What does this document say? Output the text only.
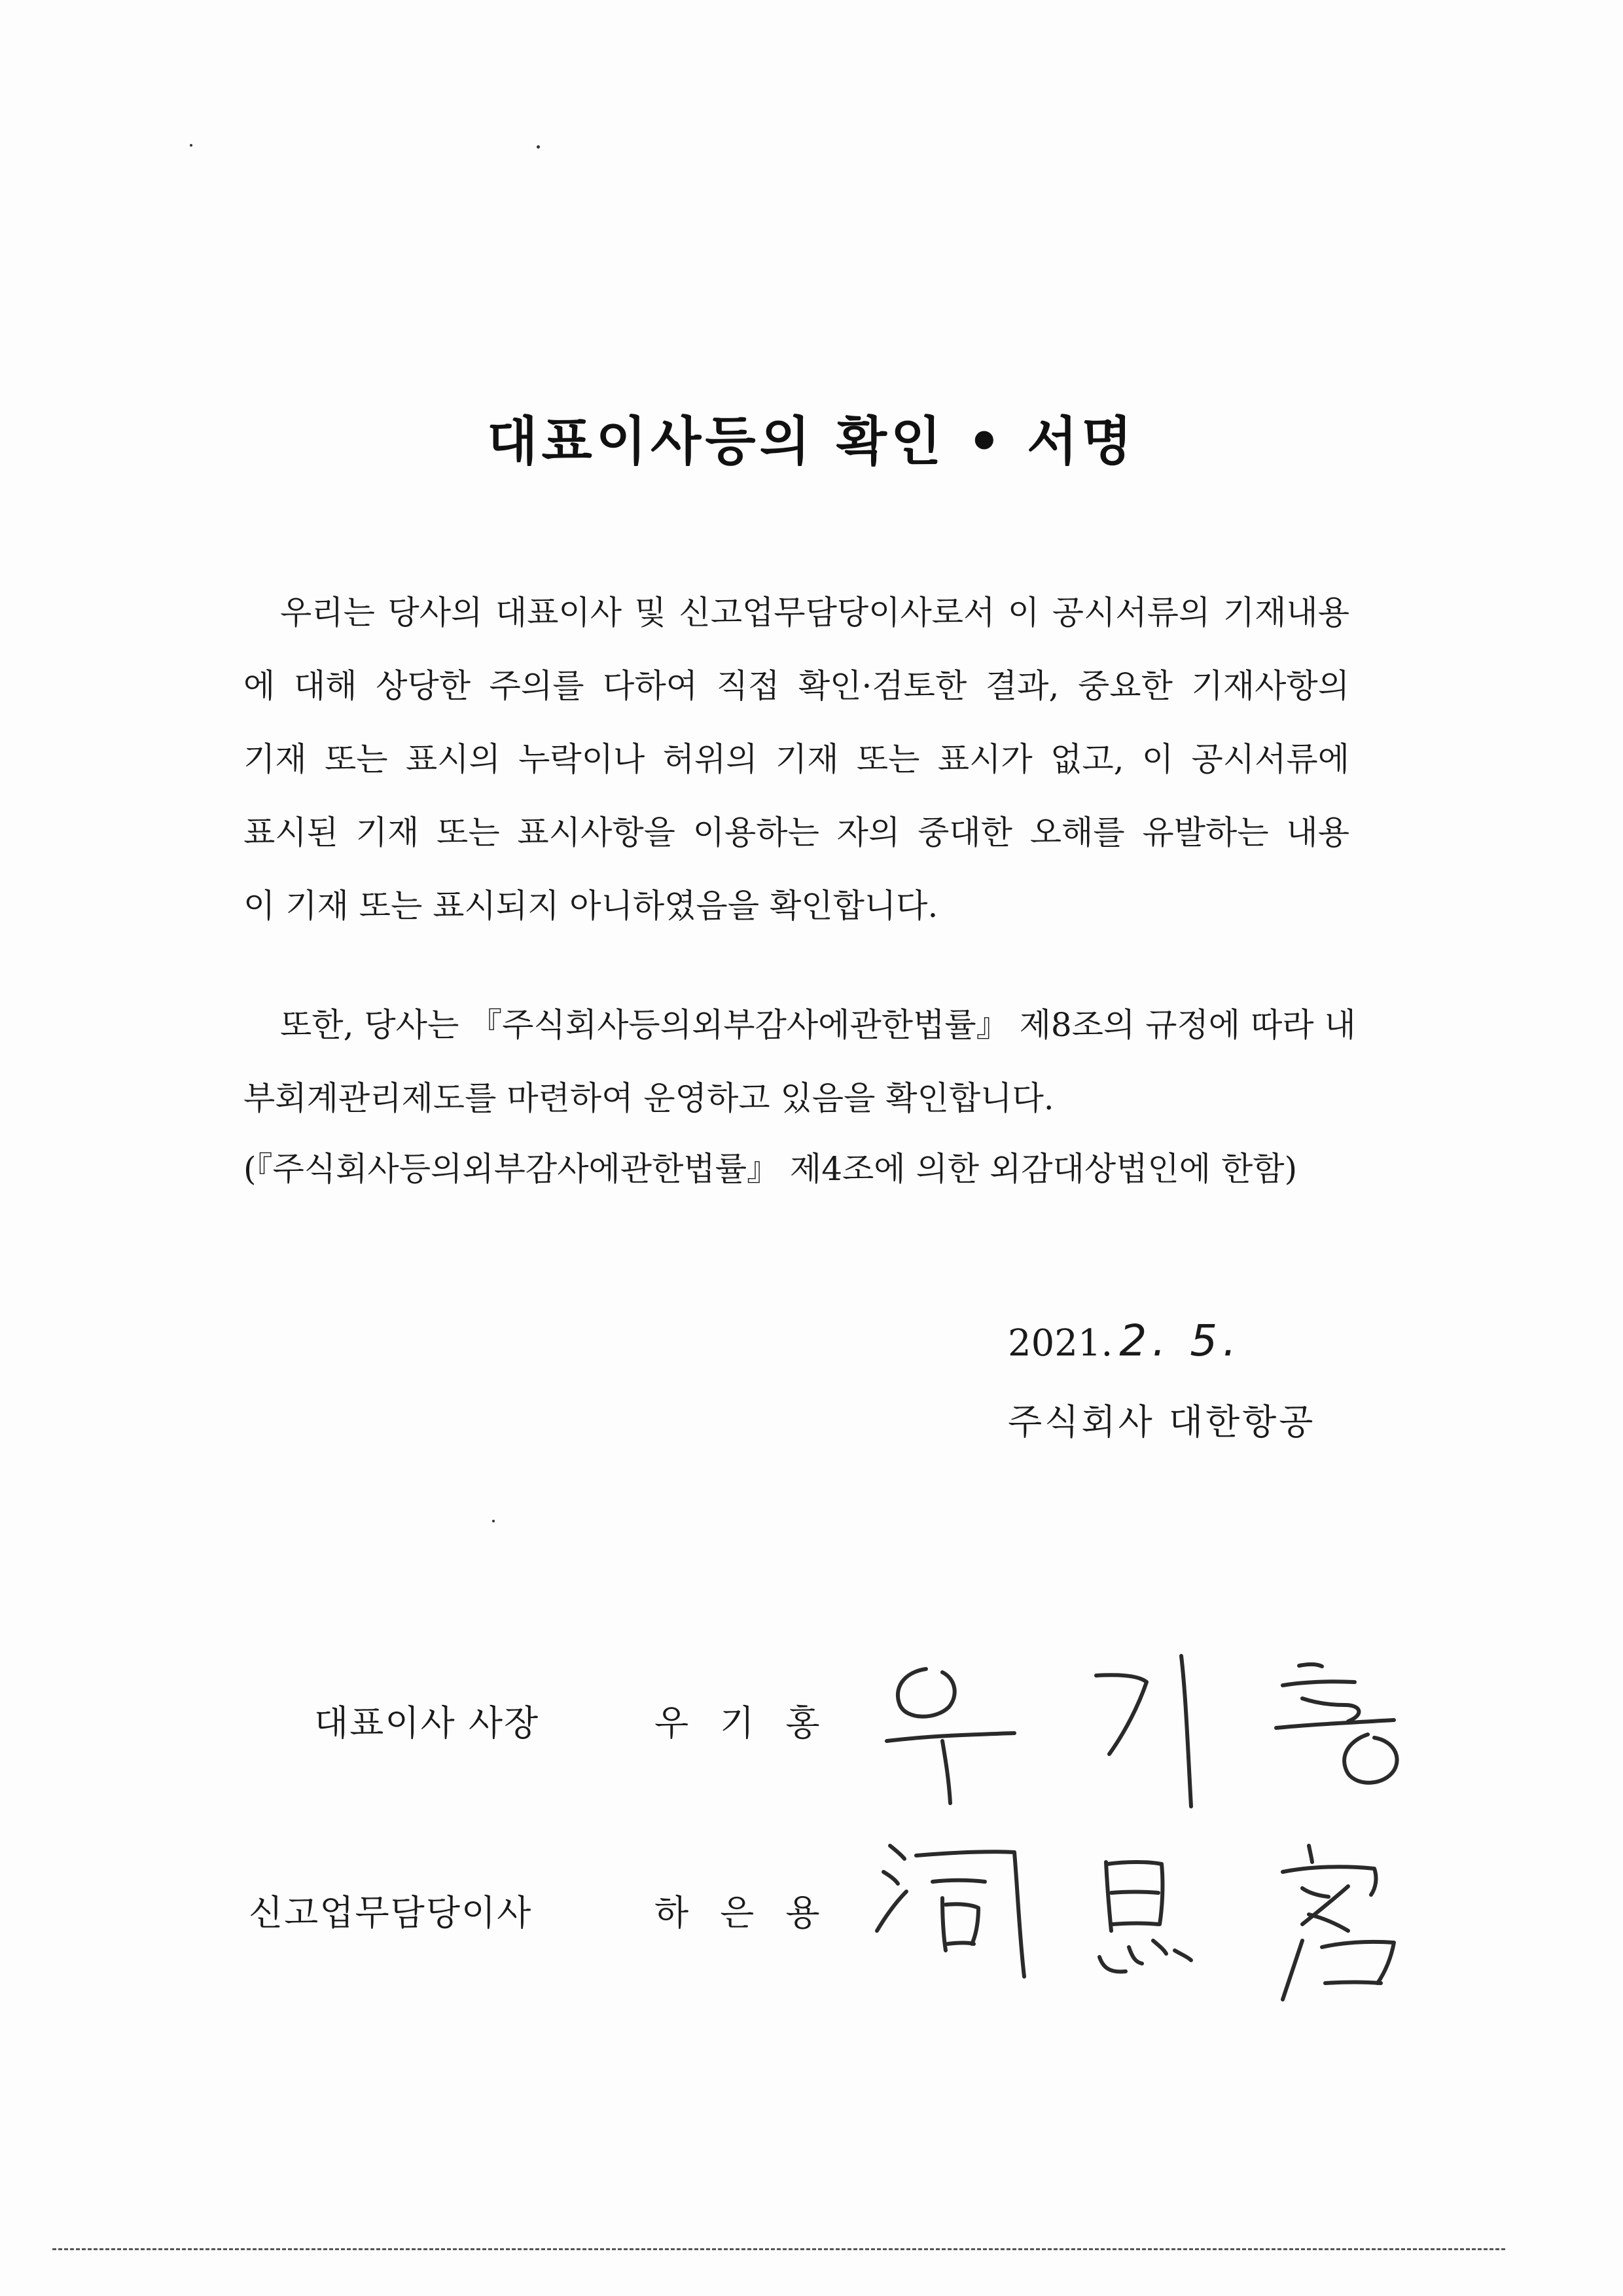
대표이사등의 확인 • 서명
우리는 당사의 대표이사 및 신고업무담당이사로서 이 공시서류의 기재내용
에 대해 상당한 주의를 다하여 직접 확인·검토한 결과, 중요한 기재사항의
기재 또는 표시의 누락이나 허위의 기재 또는 표시가 없고, 이 공시서류에
표시된 기재 또는 표시사항을 이용하는 자의 중대한 오해를 유발하는 내용
이 기재 또는 표시되지 아니하였음을 확인합니다.
또한, 당사는 『주식회사등의외부감사에관한법률』 제8조의 규정에 따라 내
부회계관리제도를 마련하여 운영하고 있음을 확인합니다.
(『주식회사등의외부감사에관한법률』 제4조에 의한 외감대상법인에 한함)
2021. 2. 5.
주식회사 대한항공
대표이사 사장	우기홍
신고업무담당이사	하은용
